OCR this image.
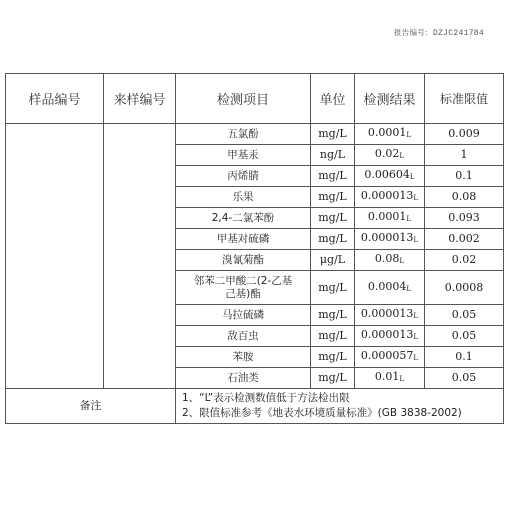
报告编号: DZJC241784
样品编号	来样编号	检测项目	单位	检测结果	标准限值
		五氯酚	mg/L	$0.0001_L$	0.009
		甲基汞	ng/L	$0.02_L$	1
		丙烯腈	mg/L	$0.00604_L$	0.1
		乐果	mg/L	$0.000013_L$	0.08
		2,4-二氯苯酚	mg/L	$0.0001_L$	0.093
		甲基对硫磷	mg/L	$0.000013_L$	0.002
		溴氰菊酯	μg/L	$0.08_L$	0.02
		邻苯二甲酸二(2-乙基
己基)酯	mg/L	$0.0004_L$	0.0008
		马拉硫磷	mg/L	$0.000013_L$	0.05
		敌百虫	mg/L	$0.000013_L$	0.05
		苯胺	mg/L	$0.000057_L$	0.1
		石油类	mg/L	$0.01_L$	0.05
备注		1、“L”表示检测数值低于方法检出限
2、限值标准参考《地表水环境质量标准》(GB 3838-2002)			
